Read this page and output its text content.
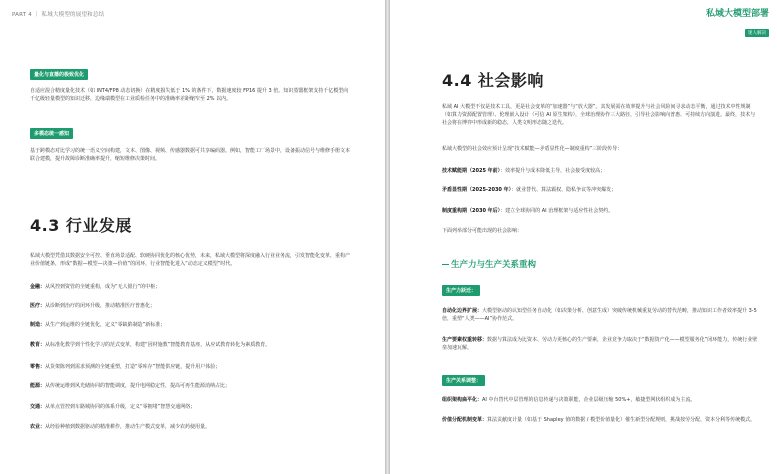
PART 4 ｜ 私域大模型的展望和总结
量化与直播的极致优化
自适应混合精度量化技术（如 INT4/FP8 动态切换）在精度损失低于 1% 的条件下，数据速度较 FP16 提升 3 倍。知识蒸馏框架支持千亿模型向千亿级轻量模型的知识迁移，边缘端模型在工业质检任务中的准确率差距缩窄至 2% 以内。
多模态统一感知
基于跨模态对比学习的统一语义空间构建，文本、图像、视频、传感器数据可共享编码器。例如，智能工厂场景中，设备振动信号与维修手册文本联合建模，提升故障诊断准确率提升，缩短维修决策时间。
4.3 行业发展
私域大模型凭借其数据安全可控、垂直场景适配、软硬协同优化的核心优势，未来，私域大模型将深度融入行业业务流，引发智能化变革，重构产业价值链条，形成“数据—模型—决策—价值”的闭环，行业智能化进入“动态定义模型”时代。
金融：从风控到资管的全链重构，成为“无人银行”的中枢；
医疗：从诊断到治疗的闭环升级，推动精准医疗普惠化；
制造：从生产到运维的全链优化，定义“零缺陷制造”新标准；
教育：从标准化教学到个性化学习的范式变革，构建“因材施教”智能教育基座，从应试教育转化为素质教育。
零售：从货架陈列到需求预测的全链重塑，打造“零库存”智能供应链，提升用户体验；
能源：从传统运维到风光储协同的智能调度，提升电网稳定性，提高可再生能源消纳占比；
交通：从单点管控到车路城协同的体系升级，定义“零拥堵”智慧交通网络；
农业：从经验种植到数据驱动的精准耕作，推动生产模式变革，减少农药使用量。
私域大模型部署
迷人解决
4.4 社会影响
私域 AI 大模型不仅是技术工具，更是社会变革的“加速器”与“放大器”。其发展需在效率提升与社会风险间寻求动态平衡，通过技术中性规制（如算力资源配置管理）、伦理嵌入设计（可信 AI 原生架构），全球治理协作三大路径，引导社会影响向普惠、可持续方向演进。最终，技术与社会将在博弈中形成新的稳态，人类文明形态随之迭代。
私域大模型的社会效应预计呈现“技术赋能—矛盾显性化—制度重构”三阶段传导：
技术赋能期（2025 年前）：效率提升与成本降低主导，社会接受度较高；
矛盾显性期（2025-2030 年）：就业替代、算法霸权、隐私争议等冲突爆发；
制度重构期（2030 年后）：建立全球协同的 AI 治理框架与适应性社会契约。
下面列举部分可能出现的社会影响：
生产力与生产关系重构
生产力跃迁：
自动化边界扩展：大模型驱动的认知型任务自动化（如决策分析、创意生成）突破传统机械重复劳动的替代范畴，推动知识工作者效率提升 3-5 倍，重塑“人类——AI”协作范式。
生产要素权重转移：数据与算法成为比资本、劳动力更核心的生产要素，企业竞争力取决于“数据资产化——模型服务化”闭环能力，传统行业壁垒加速瓦解。
生产关系调整：
组织架构扁平化：AI 中台替代中层管理的信息传递与决策职能，企业层级压缩 50%+，敏捷型网状组织成为主流。
价值分配机制变革：算法贡献度计量（如基于 Shapley 值的数据 / 模型价值量化）催生新型分配规则，挑战按劳分配、资本分利等传统模式。
